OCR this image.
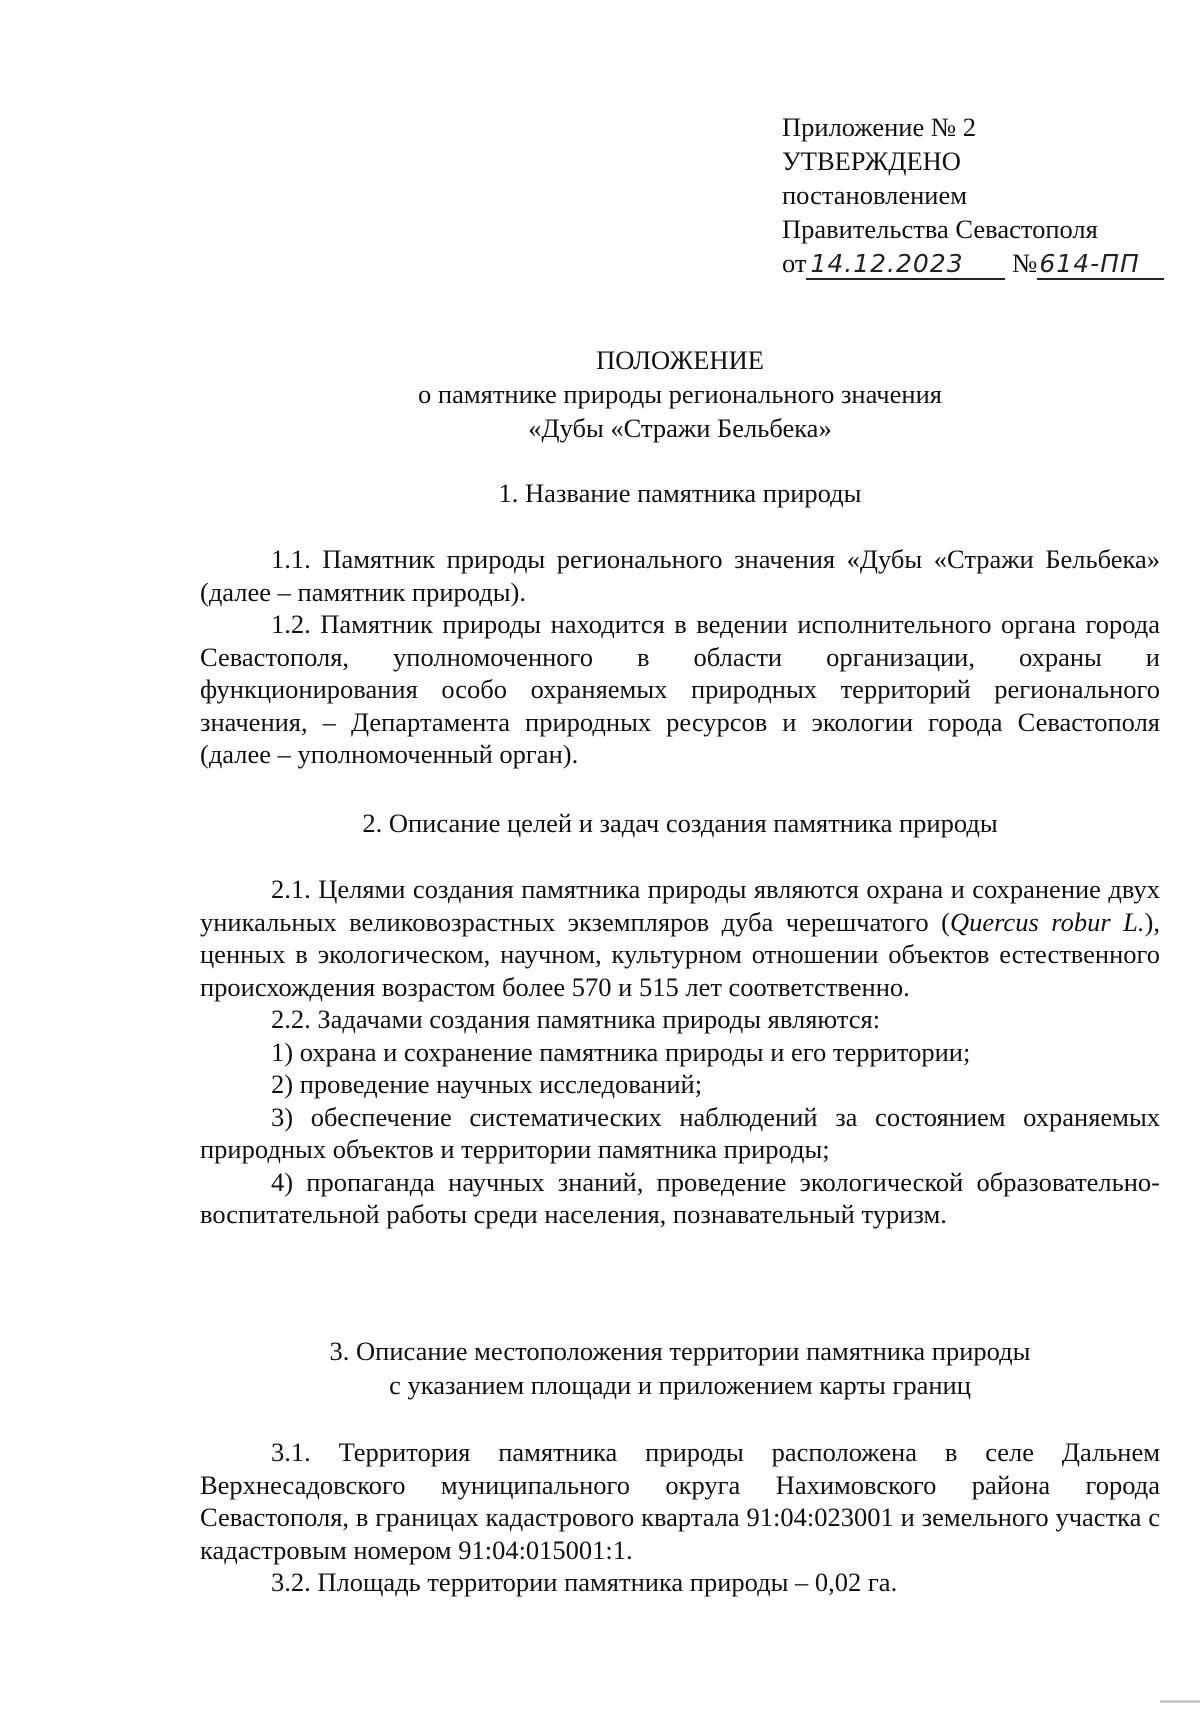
Приложение № 2
УТВЕРЖДЕНО
постановлением
Правительства Севастополя
от 14.12.2023 №614-ПП
ПОЛОЖЕНИЕ
о памятнике природы регионального значения
«Дубы «Стражи Бельбека»
1. Название памятника природы

1.1. Памятник природы регионального значения «Дубы «Стражи Бельбека» (далее – памятник природы).

1.2. Памятник природы находится в ведении исполнительного органа города Севастополя, уполномоченного в области организации, охраны и функционирования особо охраняемых природных территорий регионального значения, – Департамента природных ресурсов и экологии города Севастополя (далее – уполномоченный орган).

2. Описание целей и задач создания памятника природы

2.1. Целями создания памятника природы являются охрана и сохранение двух уникальных великовозрастных экземпляров дуба черешчатого (Quercus robur L.), ценных в экологическом, научном, культурном отношении объектов естественного происхождения возрастом более 570 и 515 лет соответственно.

2.2. Задачами создания памятника природы являются:

1) охрана и сохранение памятника природы и его территории;

2) проведение научных исследований;

3) обеспечение систематических наблюдений за состоянием охраняемых природных объектов и территории памятника природы;

4) пропаганда научных знаний, проведение экологической образовательно-воспитательной работы среди населения, познавательный туризм.

3. Описание местоположения территории памятника природы
с указанием площади и приложением карты границ

3.1. Территория памятника природы расположена в селе Дальнем Верхнесадовского муниципального округа Нахимовского района города Севастополя, в границах кадастрового квартала 91:04:023001 и земельного участка с кадастровым номером 91:04:015001:1.

3.2. Площадь территории памятника природы – 0,02 га.
